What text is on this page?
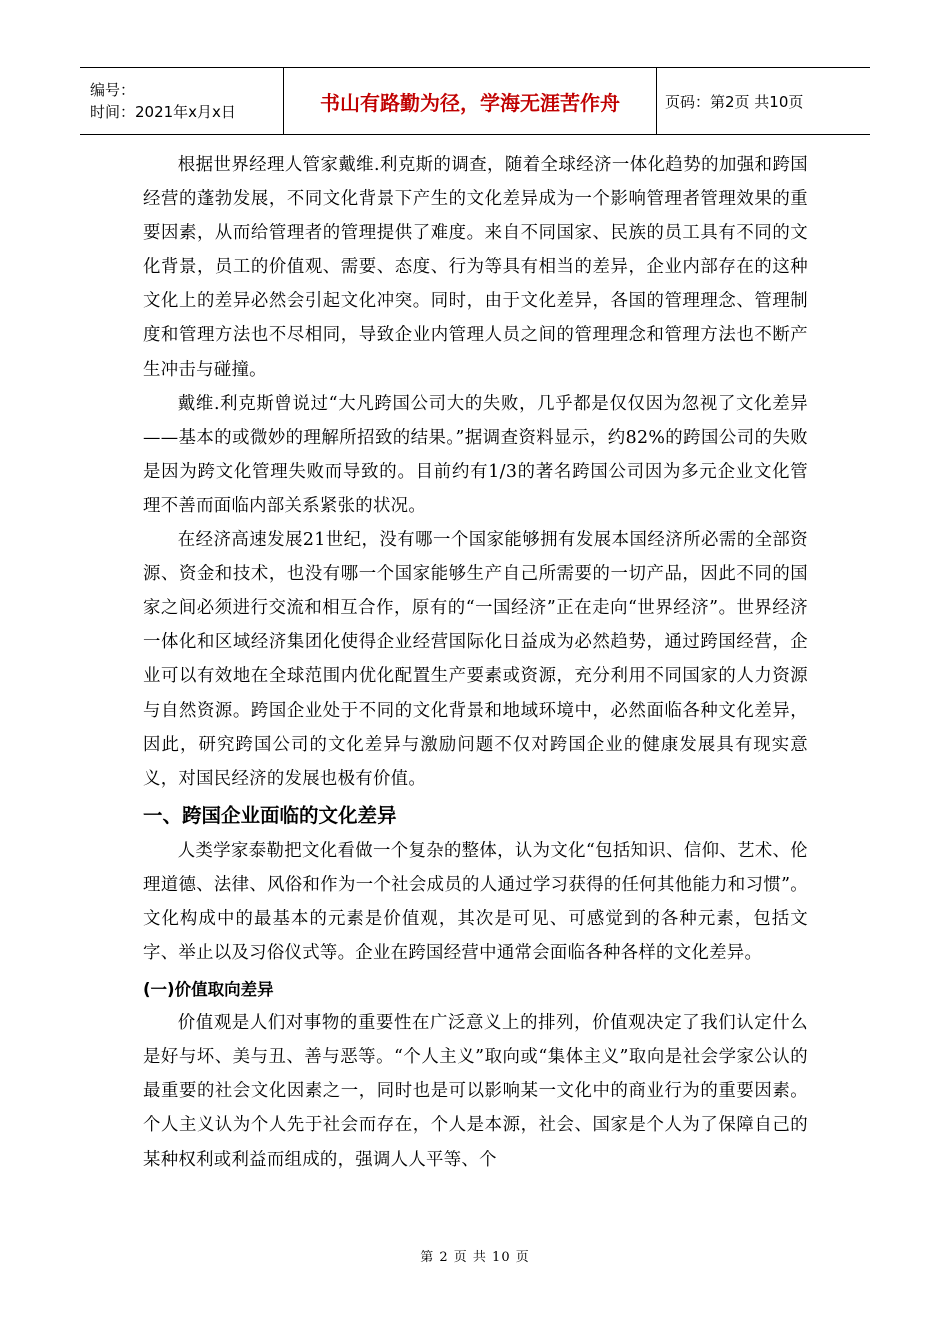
编号：
时间：2021年x月x日	书山有路勤为径，学海无涯苦作舟	页码：第2页 共10页

根据世界经理人管家戴维.利克斯的调查，随着全球经济一体化趋势的加强和跨国经营的蓬勃发展，不同文化背景下产生的文化差异成为一个影响管理者管理效果的重要因素，从而给管理者的管理提供了难度。来自不同国家、民族的员工具有不同的文化背景，员工的价值观、需要、态度、行为等具有相当的差异，企业内部存在的这种文化上的差异必然会引起文化冲突。同时，由于文化差异，各国的管理理念、管理制度和管理方法也不尽相同，导致企业内管理人员之间的管理理念和管理方法也不断产生冲击与碰撞。

戴维.利克斯曾说过“大凡跨国公司大的失败，几乎都是仅仅因为忽视了文化差异——基本的或微妙的理解所招致的结果。”据调查资料显示，约82%的跨国公司的失败是因为跨文化管理失败而导致的。目前约有1/3的著名跨国公司因为多元企业文化管理不善而面临内部关系紧张的状况。

在经济高速发展21世纪，没有哪一个国家能够拥有发展本国经济所必需的全部资源、资金和技术，也没有哪一个国家能够生产自己所需要的一切产品，因此不同的国家之间必须进行交流和相互合作，原有的“一国经济”正在走向“世界经济”。世界经济一体化和区域经济集团化使得企业经营国际化日益成为必然趋势，通过跨国经营，企业可以有效地在全球范围内优化配置生产要素或资源，充分利用不同国家的人力资源与自然资源。跨国企业处于不同的文化背景和地域环境中，必然面临各种文化差异，因此，研究跨国公司的文化差异与激励问题不仅对跨国企业的健康发展具有现实意义，对国民经济的发展也极有价值。

一、跨国企业面临的文化差异

人类学家泰勒把文化看做一个复杂的整体，认为文化“包括知识、信仰、艺术、伦理道德、法律、风俗和作为一个社会成员的人通过学习获得的任何其他能力和习惯”。文化构成中的最基本的元素是价值观，其次是可见、可感觉到的各种元素，包括文字、举止以及习俗仪式等。企业在跨国经营中通常会面临各种各样的文化差异。

(一)价值取向差异

价值观是人们对事物的重要性在广泛意义上的排列，价值观决定了我们认定什么是好与坏、美与丑、善与恶等。“个人主义”取向或“集体主义”取向是社会学家公认的最重要的社会文化因素之一，同时也是可以影响某一文化中的商业行为的重要因素。个人主义认为个人先于社会而存在，个人是本源，社会、国家是个人为了保障自己的某种权利或利益而组成的，强调人人平等、个

第 2 页 共 10 页
